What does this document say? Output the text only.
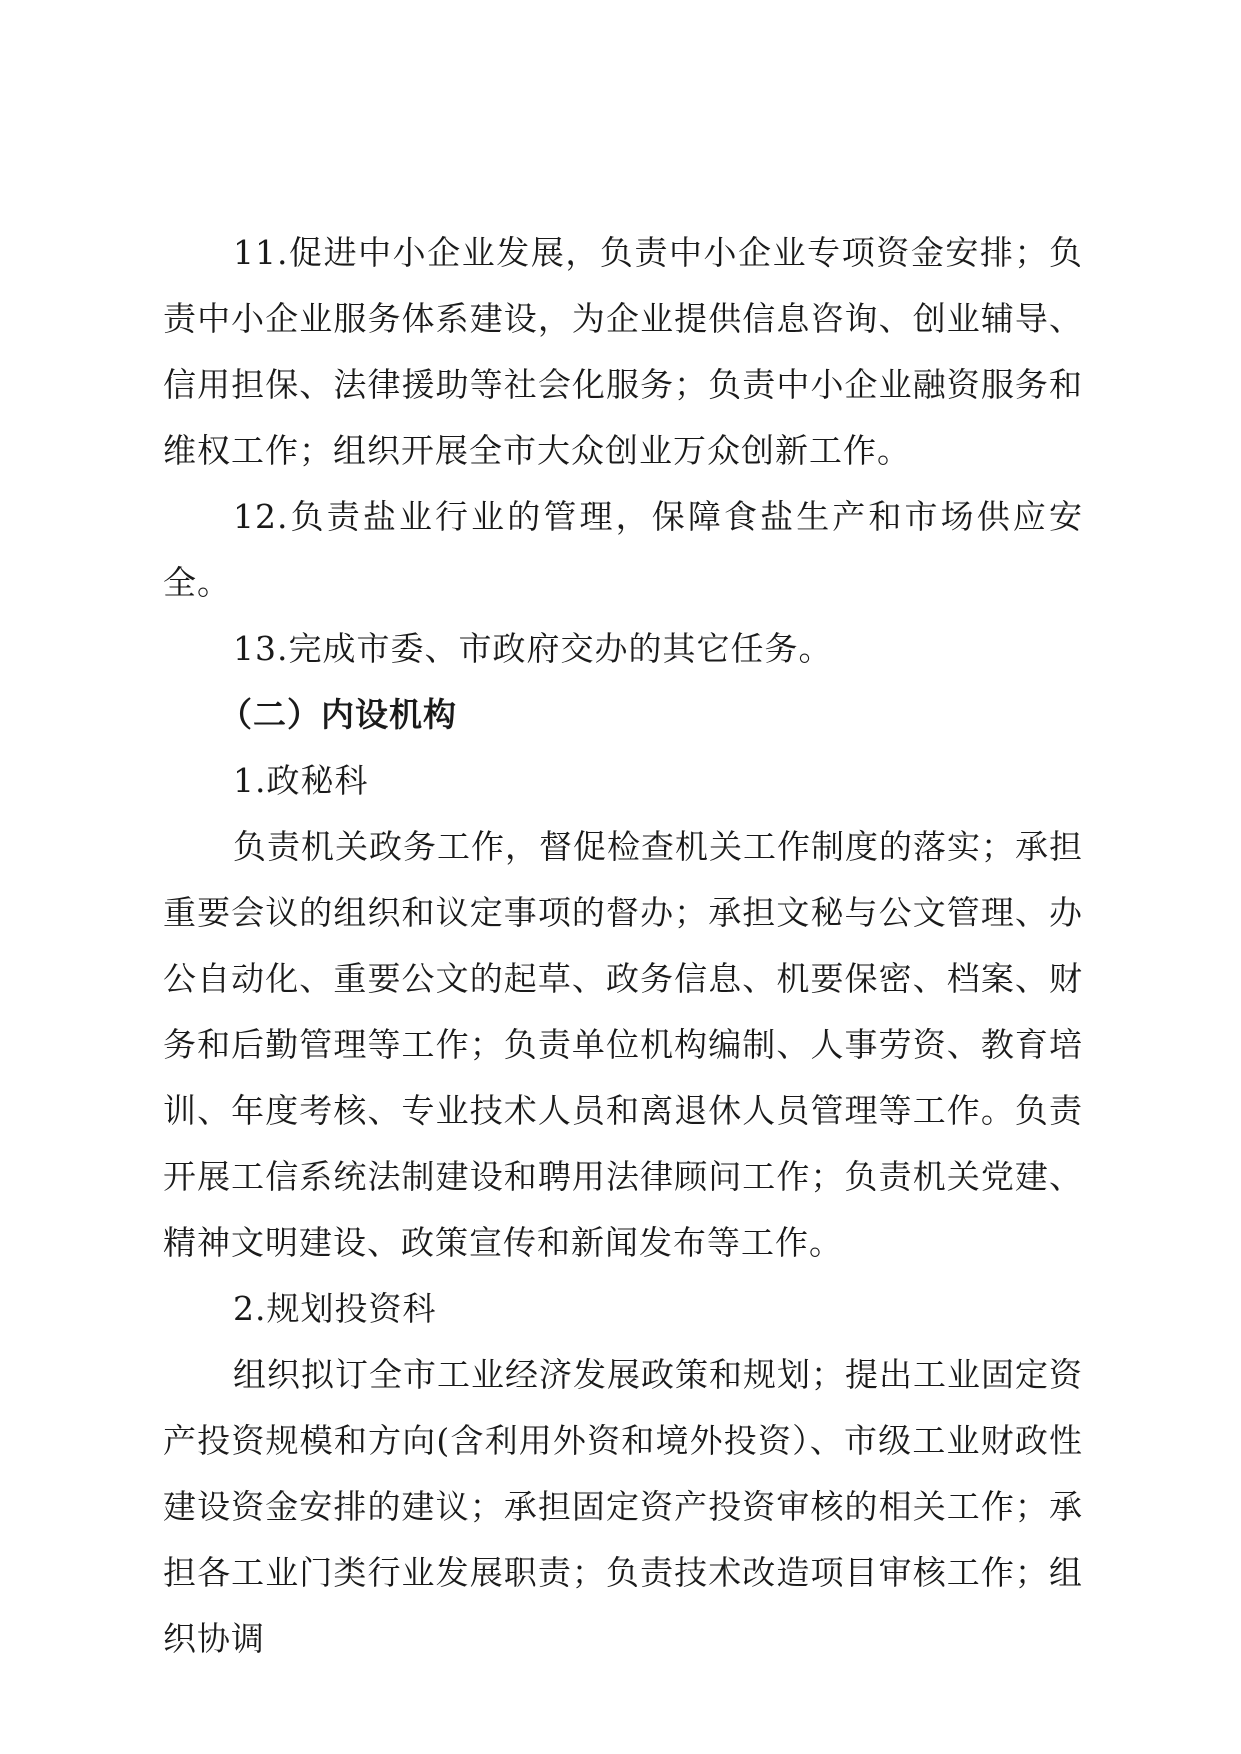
11.促进中小企业发展，负责中小企业专项资金安排；负责中小企业服务体系建设，为企业提供信息咨询、创业辅导、信用担保、法律援助等社会化服务；负责中小企业融资服务和维权工作；组织开展全市大众创业万众创新工作。

12.负责盐业行业的管理，保障食盐生产和市场供应安全。

13.完成市委、市政府交办的其它任务。

（二）内设机构

1.政秘科

负责机关政务工作，督促检查机关工作制度的落实；承担重要会议的组织和议定事项的督办；承担文秘与公文管理、办公自动化、重要公文的起草、政务信息、机要保密、档案、财务和后勤管理等工作；负责单位机构编制、人事劳资、教育培训、年度考核、专业技术人员和离退休人员管理等工作。负责开展工信系统法制建设和聘用法律顾问工作；负责机关党建、精神文明建设、政策宣传和新闻发布等工作。

2.规划投资科

组织拟订全市工业经济发展政策和规划；提出工业固定资产投资规模和方向(含利用外资和境外投资）、市级工业财政性建设资金安排的建议；承担固定资产投资审核的相关工作；承担各工业门类行业发展职责；负责技术改造项目审核工作；组织协调
